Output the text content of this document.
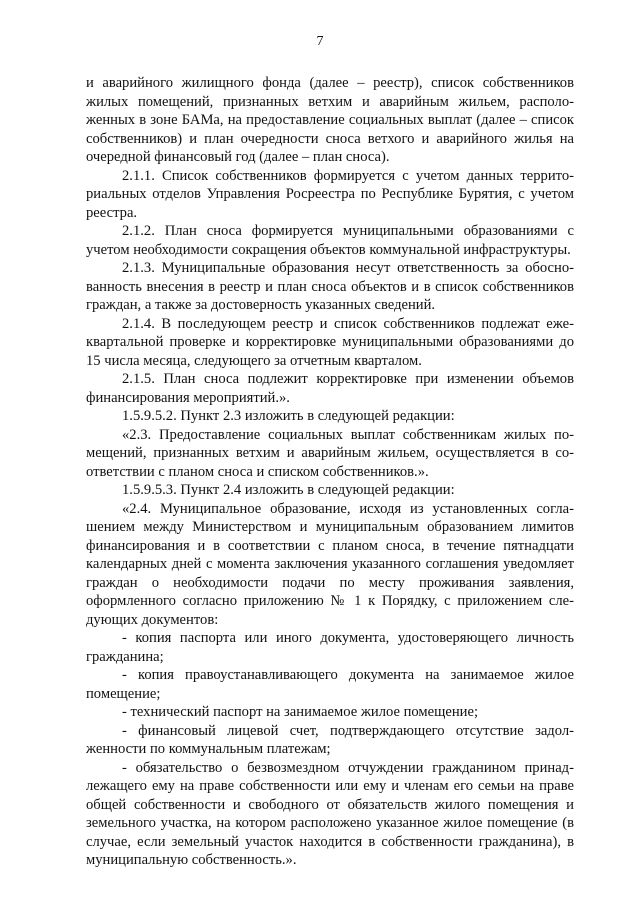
7

и аварийного жилищного фонда (далее – реестр), список собственников жилых помещений, признанных ветхим и аварийным жильем, расположенных в зоне БАМа, на предоставление социальных выплат (далее – список собственников) и план очередности сноса ветхого и аварийного жилья на очередной финансовый год (далее – план сноса).

2.1.1. Список собственников формируется с учетом данных территориальных отделов Управления Росреестра по Республике Бурятия, с учетом реестра.

2.1.2. План сноса формируется муниципальными образованиями с учетом необходимости сокращения объектов коммунальной инфраструктуры.

2.1.3. Муниципальные образования несут ответственность за обоснованность внесения в реестр и план сноса объектов и в список собственников граждан, а также за достоверность указанных сведений.

2.1.4. В последующем реестр и список собственников подлежат ежеквартальной проверке и корректировке муниципальными образованиями до 15 числа месяца, следующего за отчетным кварталом.

2.1.5. План сноса подлежит корректировке при изменении объемов финансирования мероприятий.».

1.5.9.5.2. Пункт 2.3 изложить в следующей редакции:

«2.3. Предоставление социальных выплат собственникам жилых помещений, признанных ветхим и аварийным жильем, осуществляется в соответствии с планом сноса и списком собственников.».

1.5.9.5.3. Пункт 2.4 изложить в следующей редакции:

«2.4. Муниципальное образование, исходя из установленных соглашением между Министерством и муниципальным образованием лимитов финансирования и в соответствии с планом сноса, в течение пятнадцати календарных дней с момента заключения указанного соглашения уведомляет граждан о необходимости подачи по месту проживания заявления, оформленного согласно приложению № 1 к Порядку, с приложением следующих документов:

- копия паспорта или иного документа, удостоверяющего личность гражданина;

- копия правоустанавливающего документа на занимаемое жилое помещение;

- технический паспорт на занимаемое жилое помещение;

- финансовый лицевой счет, подтверждающего отсутствие задолженности по коммунальным платежам;

- обязательство о безвозмездном отчуждении гражданином принадлежащего ему на праве собственности или ему и членам его семьи на праве общей собственности и свободного от обязательств жилого помещения и земельного участка, на котором расположено указанное жилое помещение (в случае, если земельный участок находится в собственности гражданина), в муниципальную собственность.».
